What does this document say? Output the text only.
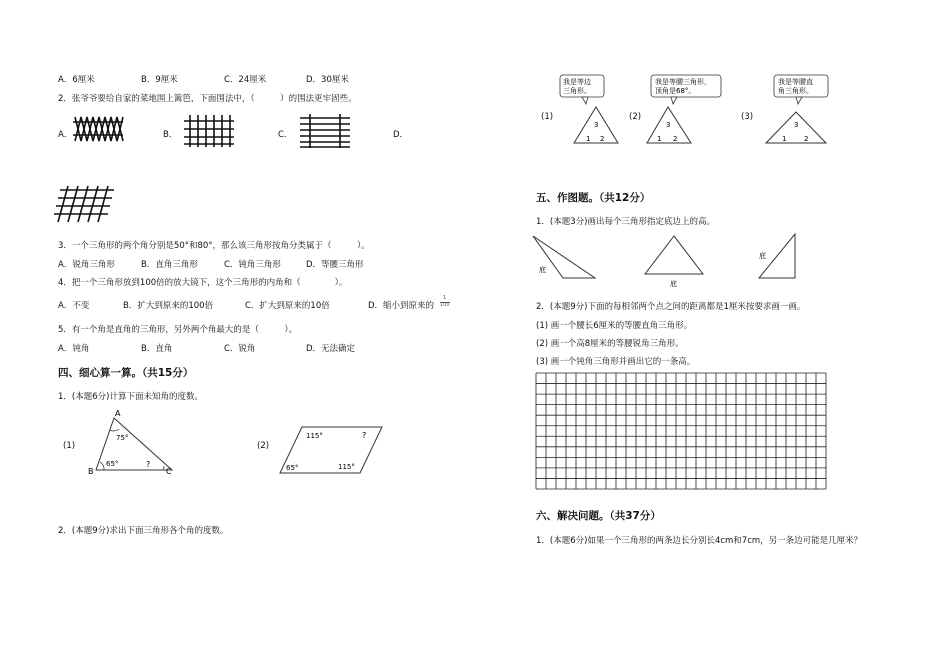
A．6厘米	B．9厘米	C．24厘米	D．30厘米
2．张爷爷要给自家的菜地围上篱笆，下面围法中，（　　　）的围法更牢固些。
A．	B．	C．	D．
3．一个三角形的两个角分别是50°和80°，那么该三角形按角分类属于（　　　）。
A．锐角三角形	B．直角三角形	C．钝角三角形	D．等腰三角形
4．把一个三角形放到100倍的放大镜下，这个三角形的内角和（　　　　）。
A．不变	B．扩大到原来的100倍	C．扩大到原来的10倍	D．缩小到原来的 $\frac{1}{100}$
5．有一个角是直角的三角形，另外两个角最大的是（　　　）。
A．钝角	B．直角	C．锐角	D．无法确定
四、细心算一算。（共15分）
1．(本题6分)计算下面未知角的度数。
(1)
A
B	C
75°
65°	?
(2)
115°	?
65°	115°
2．(本题9分)求出下面三角形各个角的度数。
(1)
我是等边
三角形。
3
1 2
(2)
我是等腰三角形，
顶角是68°。
3
1 2
(3)
我是等腰直
角三角形。
3
1	2
五、作图题。（共12分）
1．(本题3分)画出每个三角形指定底边上的高。
底
底
底
2．(本题9分)下面的每相邻两个点之间的距离都是1厘米按要求画一画。
(1) 画一个腰长6厘米的等腰直角三角形。
(2) 画一个高8厘米的等腰锐角三角形。
(3) 画一个钝角三角形并画出它的一条高。
六、解决问题。（共37分）
1．(本题6分)如果一个三角形的两条边长分别长4cm和7cm，另一条边可能是几厘米？
